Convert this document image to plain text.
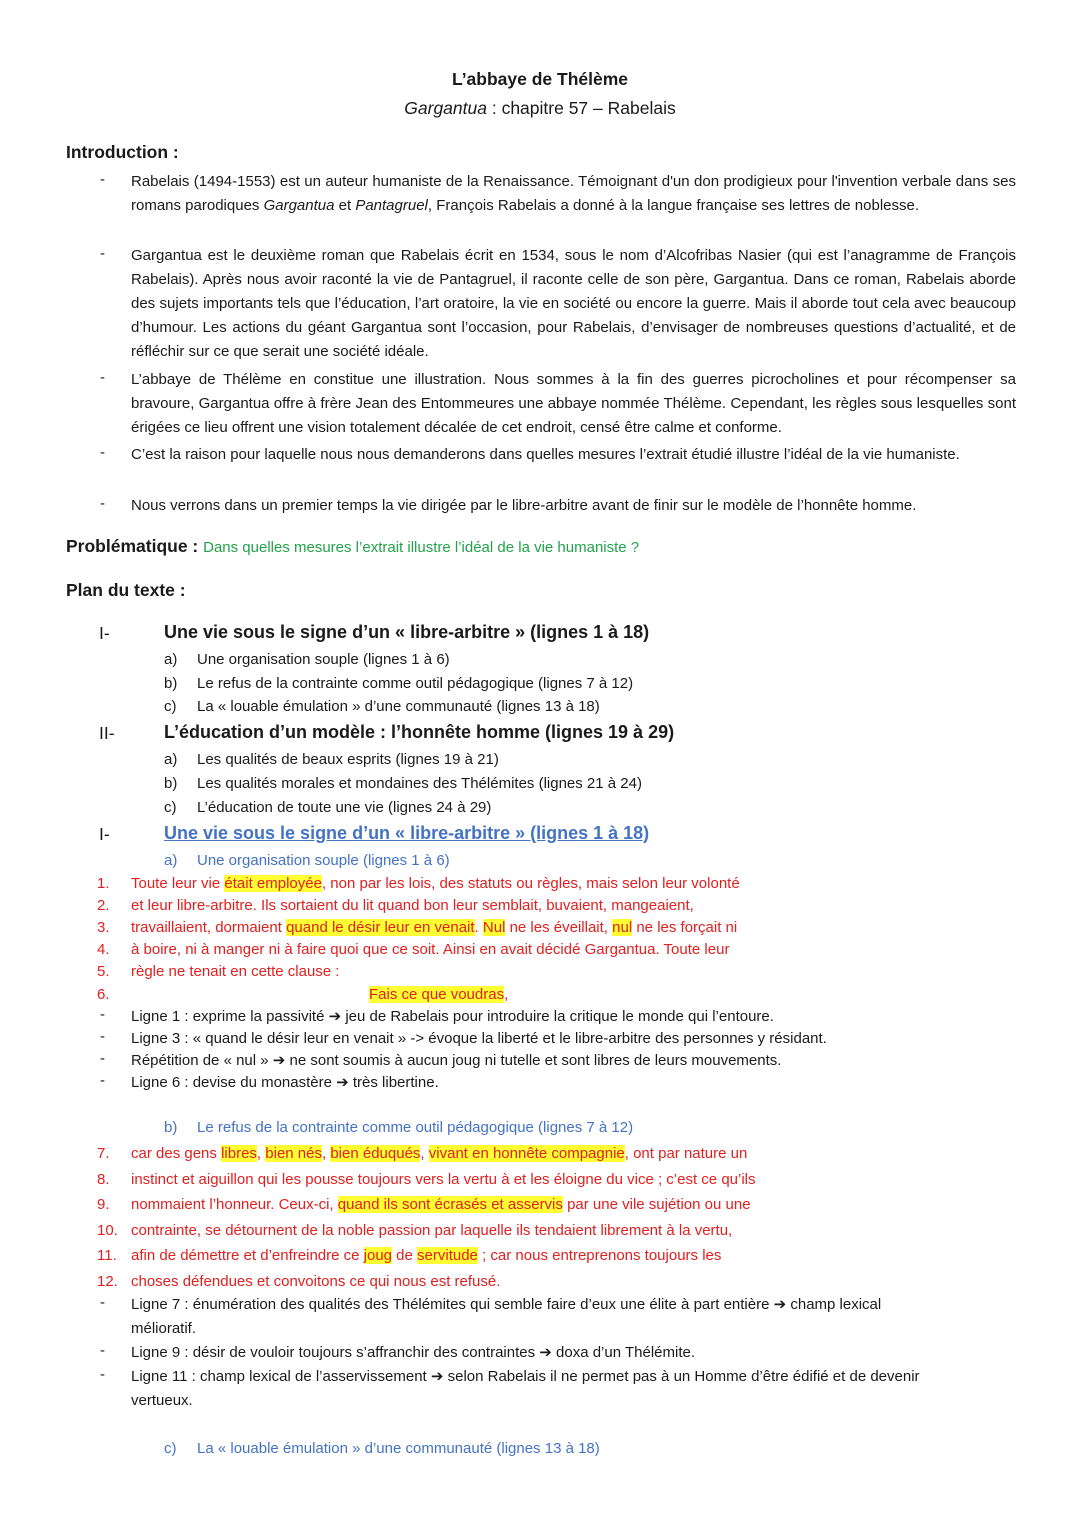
L’abbaye de Thélème
Gargantua : chapitre 57 – Rabelais
Introduction :
-	Rabelais (1494-1553) est un auteur humaniste de la Renaissance. Témoignant d'un don prodigieux pour l'invention verbale dans ses romans parodiques Gargantua et Pantagruel, François Rabelais a donné à la langue française ses lettres de noblesse.
-	Gargantua est le deuxième roman que Rabelais écrit en 1534, sous le nom d’Alcofribas Nasier (qui est l’anagramme de François Rabelais). Après nous avoir raconté la vie de Pantagruel, il raconte celle de son père, Gargantua. Dans ce roman, Rabelais aborde des sujets importants tels que l’éducation, l’art oratoire, la vie en société ou encore la guerre. Mais il aborde tout cela avec beaucoup d’humour. Les actions du géant Gargantua sont l’occasion, pour Rabelais, d’envisager de nombreuses questions d’actualité, et de réfléchir sur ce que serait une société idéale.
-	L’abbaye de Thélème en constitue une illustration. Nous sommes à la fin des guerres picrocholines et pour récompenser sa bravoure, Gargantua offre à frère Jean des Entommeures une abbaye nommée Thélème. Cependant, les règles sous lesquelles sont érigées ce lieu offrent une vision totalement décalée de cet endroit, censé être calme et conforme.
-	C’est la raison pour laquelle nous nous demanderons dans quelles mesures l’extrait étudié illustre l’idéal de la vie humaniste.
-	Nous verrons dans un premier temps la vie dirigée par le libre-arbitre avant de finir sur le modèle de l’honnête homme.
Problématique : Dans quelles mesures l’extrait illustre l’idéal de la vie humaniste ?
Plan du texte :
I-	Une vie sous le signe d’un « libre-arbitre » (lignes 1 à 18)
a) Une organisation souple (lignes 1 à 6)
b) Le refus de la contrainte comme outil pédagogique (lignes 7 à 12)
c) La « louable émulation » d’une communauté (lignes 13 à 18)
II-	L’éducation d’un modèle : l’honnête homme (lignes 19 à 29)
a) Les qualités de beaux esprits (lignes 19 à 21)
b) Les qualités morales et mondaines des Thélémites (lignes 21 à 24)
c) L’éducation de toute une vie (lignes 24 à 29)
I-	Une vie sous le signe d’un « libre-arbitre » (lignes 1 à 18)
a) Une organisation souple (lignes 1 à 6)
1.
2.
3.
4.
5.
6.
Toute leur vie était employée, non par les lois, des statuts ou règles, mais selon leur volonté
et leur libre-arbitre. Ils sortaient du lit quand bon leur semblait, buvaient, mangeaient,
travaillaient, dormaient quand le désir leur en venait. Nul ne les éveillait, nul ne les forçait ni
à boire, ni à manger ni à faire quoi que ce soit. Ainsi en avait décidé Gargantua. Toute leur
règle ne tenait en cette clause :
Fais ce que voudras,
-	Ligne 1 : exprime la passivité ➔ jeu de Rabelais pour introduire la critique le monde qui l’entoure.
-	Ligne 3 : « quand le désir leur en venait » -> évoque la liberté et le libre-arbitre des personnes y résidant.
-	Répétition de « nul » ➔ ne sont soumis à aucun joug ni tutelle et sont libres de leurs mouvements.
-	Ligne 6 : devise du monastère ➔ très libertine.
b) Le refus de la contrainte comme outil pédagogique (lignes 7 à 12)
7.
8.
9.
10.
11.
12.
car des gens libres, bien nés, bien éduqués, vivant en honnête compagnie, ont par nature un
instinct et aiguillon qui les pousse toujours vers la vertu à et les éloigne du vice ; c’est ce qu’ils
nommaient l’honneur. Ceux-ci, quand ils sont écrasés et asservis par une vile sujétion ou une
contrainte, se détournent de la noble passion par laquelle ils tendaient librement à la vertu,
afin de démettre et d’enfreindre ce joug de servitude ; car nous entreprenons toujours les
choses défendues et convoitons ce qui nous est refusé.
-	Ligne 7 : énumération des qualités des Thélémites qui semble faire d’eux une élite à part entière ➔ champ lexical
mélioratif.
-	Ligne 9 : désir de vouloir toujours s’affranchir des contraintes ➔ doxa d’un Thélémite.
-	Ligne 11 : champ lexical de l’asservissement ➔ selon Rabelais il ne permet pas à un Homme d’être édifié et de devenir
vertueux.
c) La « louable émulation » d’une communauté (lignes 13 à 18)
